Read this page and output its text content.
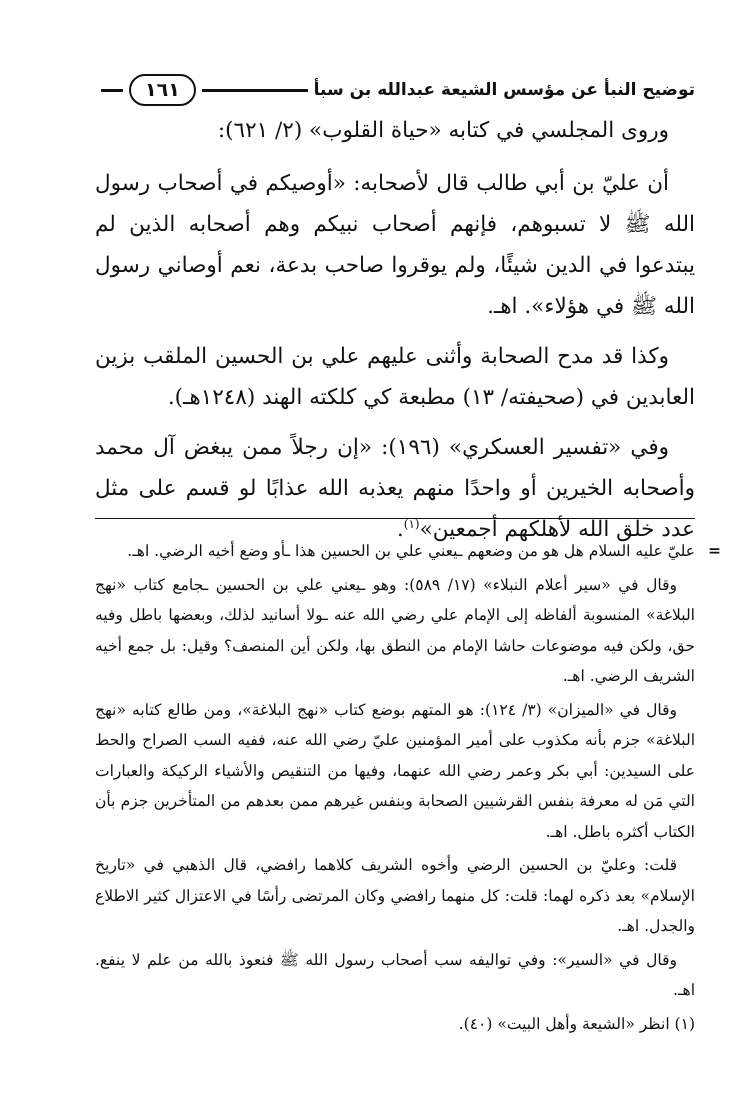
توضيح النبأ عن مؤسس الشيعة عبدالله بن سبأ
١٦١

وروى المجلسي في كتابه «حياة القلوب» (٢/ ٦٢١):

أن عليّ بن أبي طالب قال لأصحابه: «أوصيكم في أصحاب رسول الله ﷺ لا تسبوهم، فإنهم أصحاب نبيكم وهم أصحابه الذين لم يبتدعوا في الدين شيئًا، ولم يوقروا صاحب بدعة، نعم أوصاني رسول الله ﷺ في هؤلاء». اهـ.

وكذا قد مدح الصحابة وأثنى عليهم علي بن الحسين الملقب بزين العابدين في (صحيفته/ ١٣) مطبعة كي كلكته الهند (١٢٤٨هـ).

وفي «تفسير العسكري» (١٩٦): «إن رجلاً ممن يبغض آل محمد وأصحابه الخيرين أو واحدًا منهم يعذبه الله عذابًا لو قسم على مثل عدد خلق الله لأهلكهم أجمعين»$^{(١)}$.

=
عليّ عليه السلام هل هو من وضعهم ـيعني علي بن الحسين هذا ـأو وضع أخيه الرضي. اهـ.

وقال في «سير أعلام النبلاء» (١٧/ ٥٨٩): وهو ـيعني علي بن الحسين ـجامع كتاب «نهج البلاغة» المنسوبة ألفاظه إلى الإمام علي رضي الله عنه ـولا أسانيد لذلك، وبعضها باطل وفيه حق، ولكن فيه موضوعات حاشا الإمام من النطق بها، ولكن أين المنصف؟ وقيل: بل جمع أخيه الشريف الرضي. اهـ.

وقال في «الميزان» (٣/ ١٢٤): هو المتهم بوضع كتاب «نهج البلاغة»، ومن طالع كتابه «نهج البلاغة» جزم بأنه مكذوب على أمير المؤمنين عليّ رضي الله عنه، ففيه السب الصراح والحط على السيدين: أبي بكر وعمر رضي الله عنهما، وفيها من التنقيص والأشياء الركيكة والعبارات التي مَن له معرفة بنفس القرشيين الصحابة وبنفس غيرهم ممن بعدهم من المتأخرين جزم بأن الكتاب أكثره باطل. اهـ.

قلت: وعليّ بن الحسين الرضي وأخوه الشريف كلاهما رافضي، قال الذهبي في «تاريخ الإسلام» بعد ذكره لهما: قلت: كل منهما رافضي وكان المرتضى رأسًا في الاعتزال كثير الاطلاع والجدل. اهـ.

وقال في «السير»: وفي تواليفه سب أصحاب رسول الله ﷺ فنعوذ بالله من علم لا ينفع. اهـ.

(١) انظر «الشيعة وأهل البيت» (٤٠).
